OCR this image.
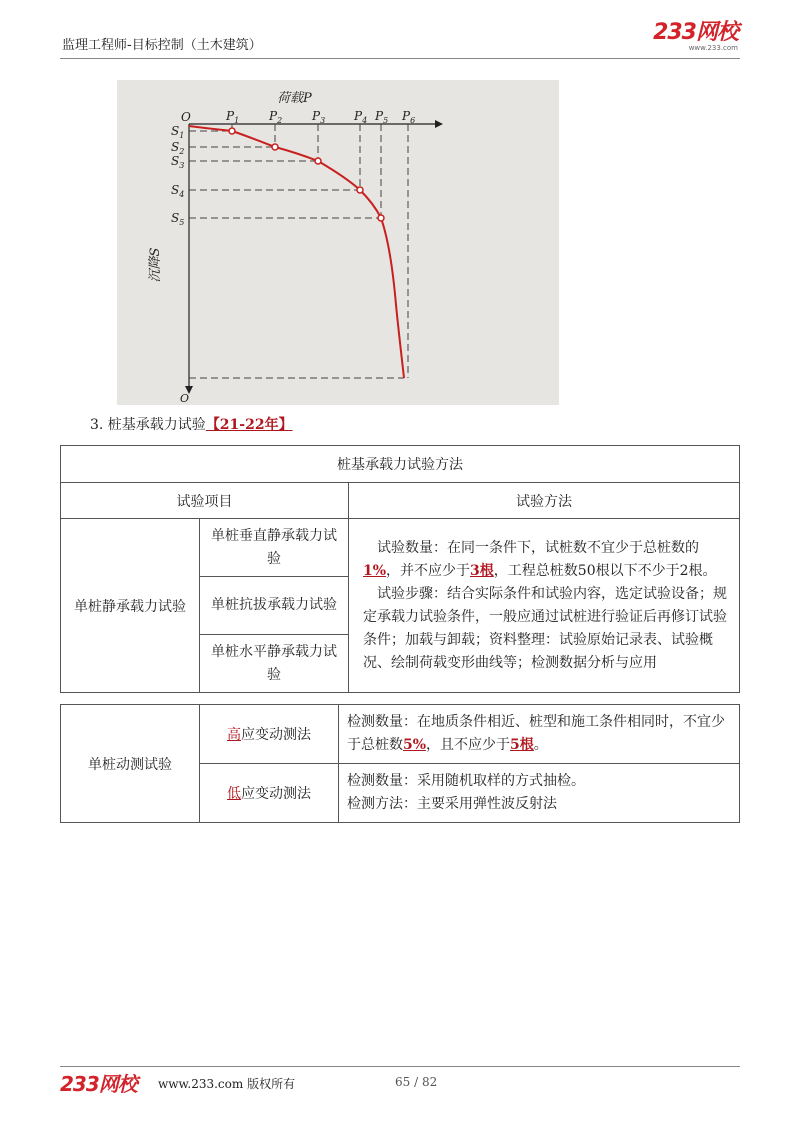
监理工程师-目标控制（土木建筑）
233网校
www.233.com
荷载P
沉降S
O
O
$P_1$ $P_2$ $P_3$ $P_4$ $P_5$ $P_6$
$S_1$
$S_2$
$S_3$
$S_4$
$S_5$
3. 桩基承载力试验【21-22年】
桩基承载力试验方法		
试验项目		试验方法
单桩静承载力试验	单桩垂直静承载力试验	试验数量：在同一条件下，试桩数不宜少于总桩数的1%，并不应少于3根，工程总桩数50根以下不少于2根。

试验步骤：结合实际条件和试验内容，选定试验设备；规定承载力试验条件，一般应通过试桩进行验证后再修订试验条件；加载与卸载；资料整理：试验原始记录表、试验概况、绘制荷载变形曲线等；检测数据分析与应用

	单桩抗拔承载力试验	
	单桩水平静承载力试验	
单桩动测试验	高应变动测法	检测数量：在地质条件相近、桩型和施工条件相同时，不宜少于总桩数5%，且不应少于5根。
	低应变动测法	检测数量：采用随机取样的方式抽检。
检测方法：主要采用弹性波反射法
233网校 www.233.com 版权所有	65 / 82
